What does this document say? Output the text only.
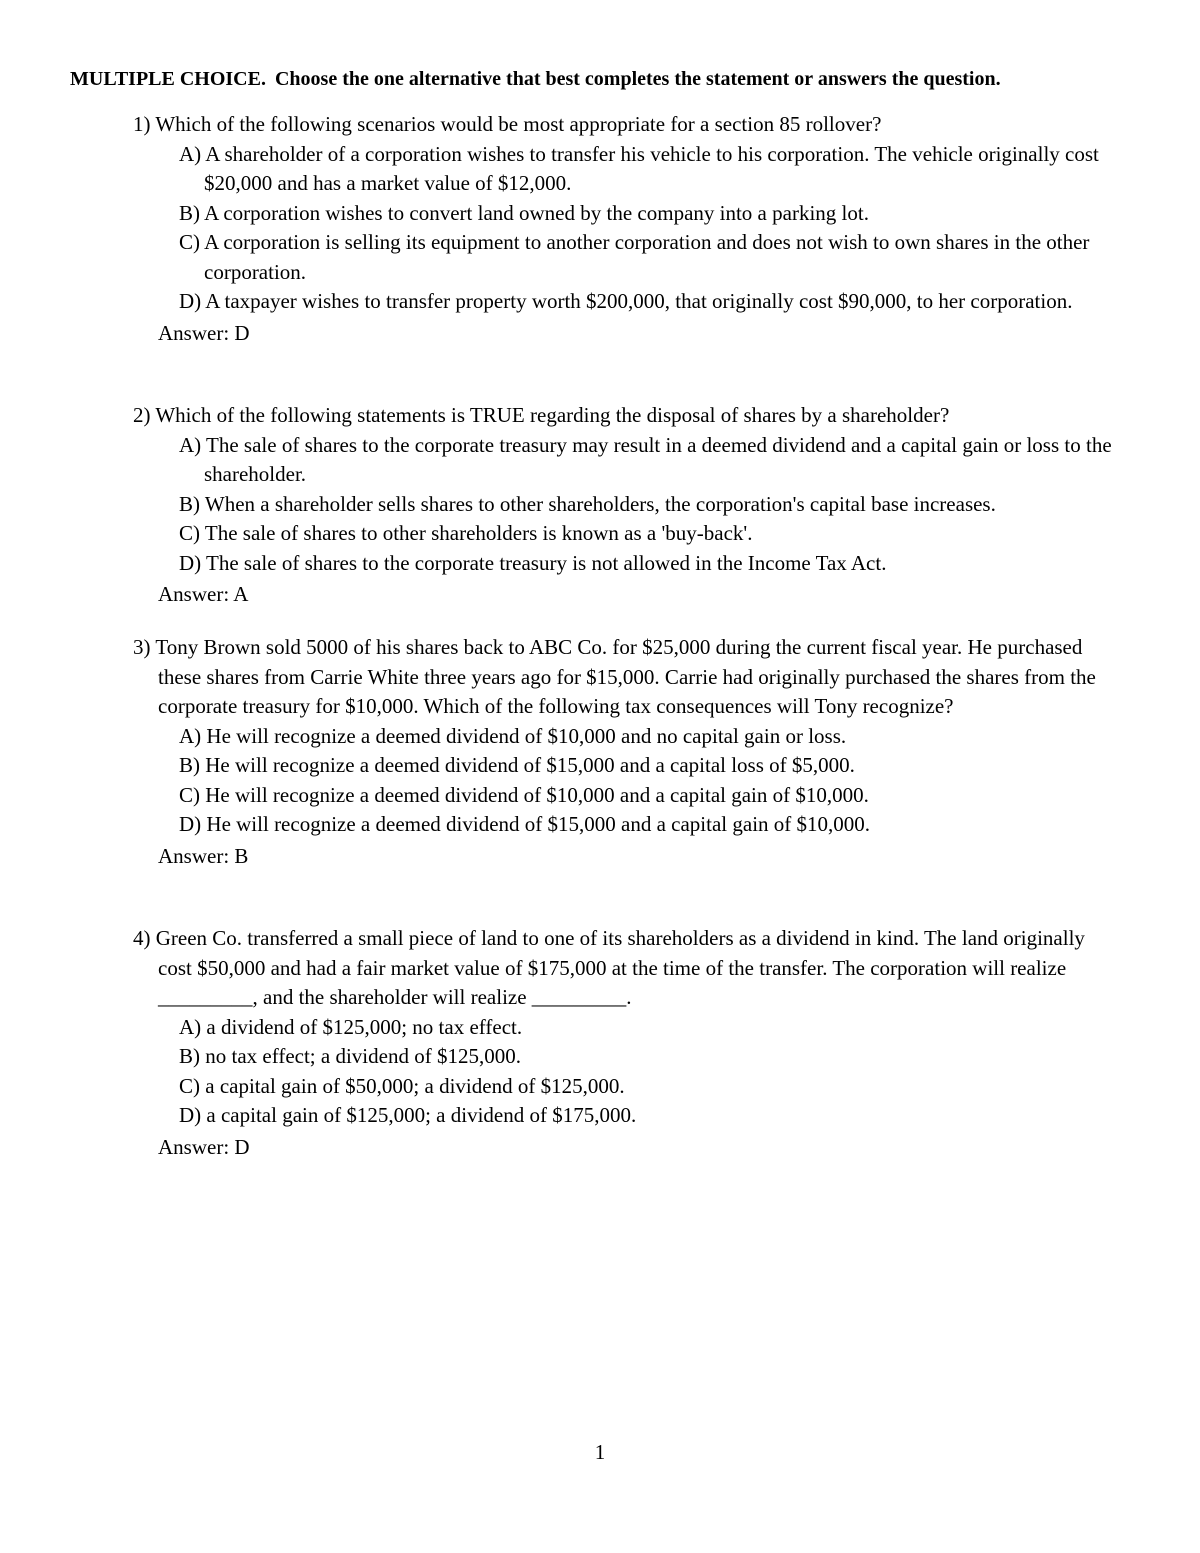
MULTIPLE CHOICE. Choose the one alternative that best completes the statement or answers the question.
1) Which of the following scenarios would be most appropriate for a section 85 rollover?
A) A shareholder of a corporation wishes to transfer his vehicle to his corporation. The vehicle originally cost $20,000 and has a market value of $12,000.
B) A corporation wishes to convert land owned by the company into a parking lot.
C) A corporation is selling its equipment to another corporation and does not wish to own shares in the other corporation.
D) A taxpayer wishes to transfer property worth $200,000, that originally cost $90,000, to her corporation.
Answer: D
2) Which of the following statements is TRUE regarding the disposal of shares by a shareholder?
A) The sale of shares to the corporate treasury may result in a deemed dividend and a capital gain or loss to the shareholder.
B) When a shareholder sells shares to other shareholders, the corporation's capital base increases.
C) The sale of shares to other shareholders is known as a 'buy-back'.
D) The sale of shares to the corporate treasury is not allowed in the Income Tax Act.
Answer: A
3) Tony Brown sold 5000 of his shares back to ABC Co. for $25,000 during the current fiscal year. He purchased these shares from Carrie White three years ago for $15,000. Carrie had originally purchased the shares from the corporate treasury for $10,000. Which of the following tax consequences will Tony recognize?
A) He will recognize a deemed dividend of $10,000 and no capital gain or loss.
B) He will recognize a deemed dividend of $15,000 and a capital loss of $5,000.
C) He will recognize a deemed dividend of $10,000 and a capital gain of $10,000.
D) He will recognize a deemed dividend of $15,000 and a capital gain of $10,000.
Answer: B
4) Green Co. transferred a small piece of land to one of its shareholders as a dividend in kind. The land originally cost $50,000 and had a fair market value of $175,000 at the time of the transfer. The corporation will realize _________, and the shareholder will realize _________.
A) a dividend of $125,000; no tax effect.
B) no tax effect; a dividend of $125,000.
C) a capital gain of $50,000; a dividend of $125,000.
D) a capital gain of $125,000; a dividend of $175,000.
Answer: D
1
